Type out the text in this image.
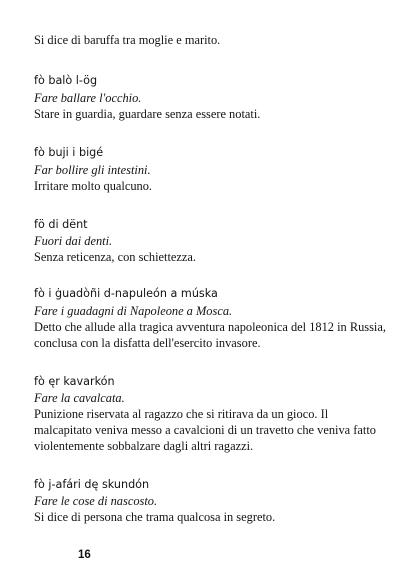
Si dice di baruffa tra moglie e marito.
fò balò l-ög
Fare ballare l'occhio.
Stare in guardia, guardare senza essere notati.
fò buji i bigé
Far bollire gli intestini.
Irritare molto qualcuno.
fö di dënt
Fuori dai denti.
Senza reticenza, con schiettezza.
fò i ġuadòñi d-napuleón a múska
Fare i guadagni di Napoleone a Mosca.
Detto che allude alla tragica avventura napoleonica del 1812 in Russia,
conclusa con la disfatta dell'esercito invasore.
fò ęr kavarkón
Fare la cavalcata.
Punizione riservata al ragazzo che si ritirava da un gioco. Il
malcapitato veniva messo a cavalcioni di un travetto che veniva fatto
violentemente sobbalzare dagli altri ragazzi.
fò j-afári dę skundón
Fare le cose di nascosto.
Si dice di persona che trama qualcosa in segreto.
16
